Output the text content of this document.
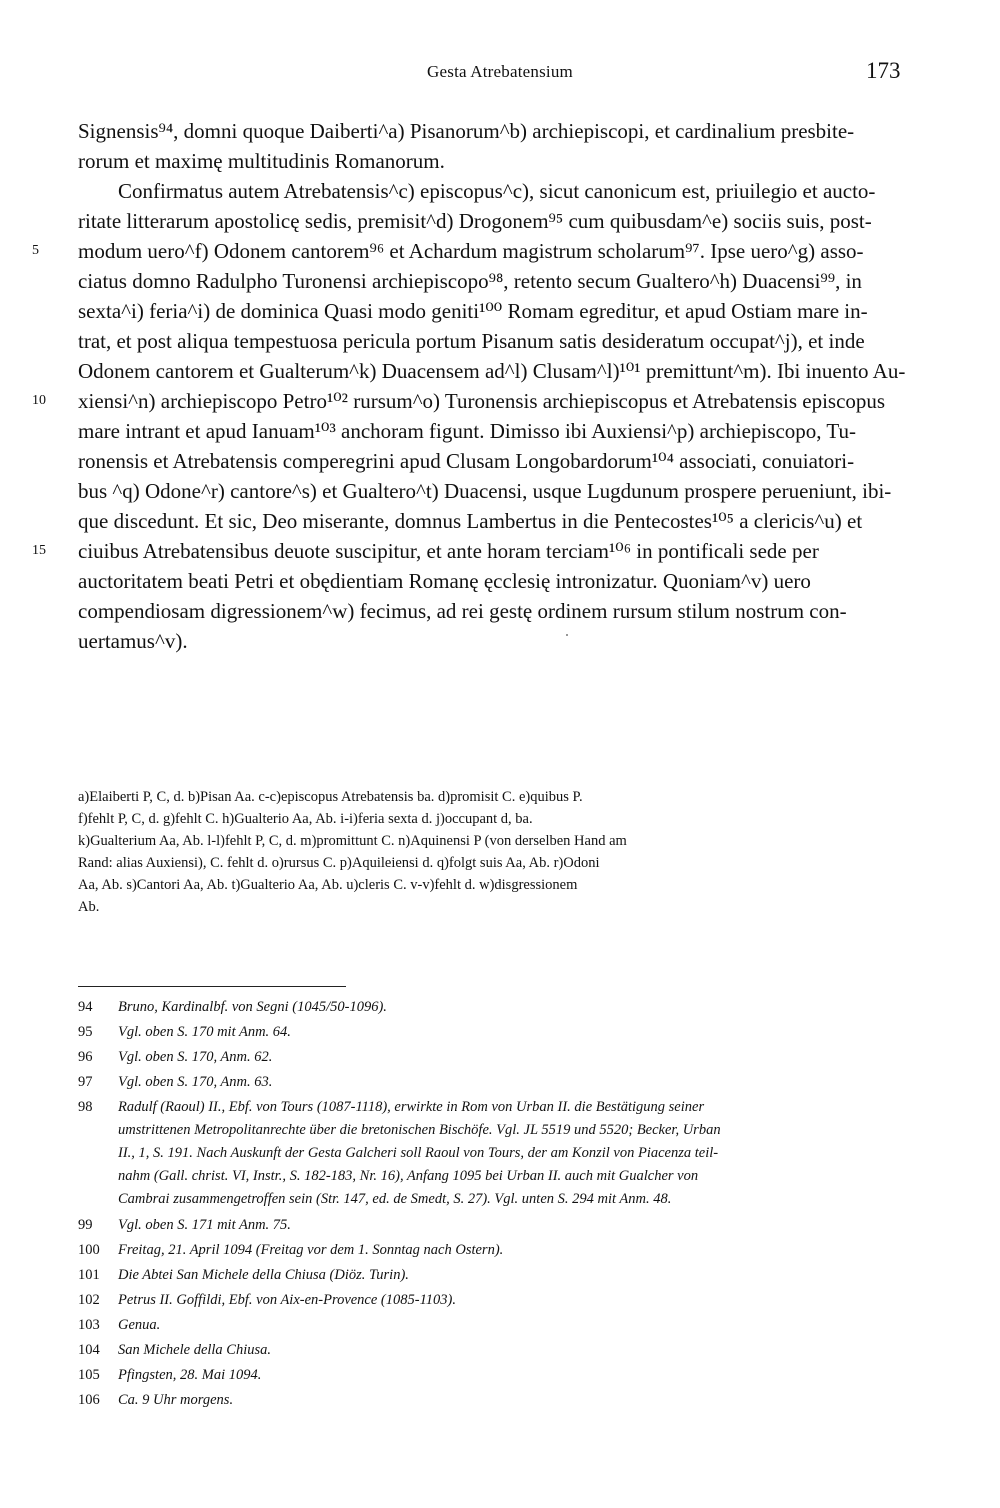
Gesta Atrebatensium	173
Signensis⁹⁴, domni quoque Daiberti^a) Pisanorum^b) archiepiscopi, et cardinalium presbite-
rorum et maximę multitudinis Romanorum.
Confirmatus autem Atrebatensis^c) episcopus^c), sicut canonicum est, priuilegio et aucto-
ritate litterarum apostolicę sedis, premisit^d) Drogonem⁹⁵ cum quibusdam^e) sociis suis, post-
5	modum uero^f) Odonem cantorem⁹⁶ et Achardum magistrum scholarum⁹⁷. Ipse uero^g) asso-
ciatus domno Radulpho Turonensi archiepiscopo⁹⁸, retento secum Gualtero^h) Duacensi⁹⁹, in
sexta^i) feria^i) de dominica Quasi modo geniti¹⁰⁰ Romam egreditur, et apud Ostiam mare in-
trat, et post aliqua tempestuosa pericula portum Pisanum satis desideratum occupat^j), et inde
Odonem cantorem et Gualterum^k) Duacensem ad^l) Clusam^l)¹⁰¹ premittunt^m). Ibi inuento Au-
10	xiensi^n) archiepiscopo Petro¹⁰² rursum^o) Turonensis archiepiscopus et Atrebatensis episcopus
mare intrant et apud Ianuam¹⁰³ anchoram figunt. Dimisso ibi Auxiensi^p) archiepiscopo, Tu-
ronensis et Atrebatensis comperegrini apud Clusam Longobardorum¹⁰⁴ associati, conuiatori-
bus ^q) Odone^r) cantore^s) et Gualtero^t) Duacensi, usque Lugdunum prospere perueniunt, ibi-
que discedunt. Et sic, Deo miserante, domnus Lambertus in die Pentecostes¹⁰⁵ a clericis^u) et
15	ciuibus Atrebatensibus deuote suscipitur, et ante horam terciam¹⁰⁶ in pontificali sede per
auctoritatem beati Petri et obędientiam Romanę ęcclesię intronizatur. Quoniam^v) uero
compendiosam digressionem^w) fecimus, ad rei gestę ordinem rursum stilum nostrum con-
uertamus^v).
a)Elaiberti P, C, d. b)Pisan Aa. c-c)episcopus Atrebatensis ba. d)promisit C. e)quibus P.
f)fehlt P, C, d. g)fehlt C. h)Gualterio Aa, Ab. i-i)feria sexta d. j)occupant d, ba.
k)Gualterium Aa, Ab. l-l)fehlt P, C, d. m)promittunt C. n)Aquinensi P (von derselben Hand am
Rand: alias Auxiensi), C. fehlt d. o)rursus C. p)Aquileiensi d. q)folgt suis Aa, Ab. r)Odoni
Aa, Ab. s)Cantori Aa, Ab. t)Gualterio Aa, Ab. u)cleris C. v-v)fehlt d. w)disgressionem
Ab.
94	Bruno, Kardinalbf. von Segni (1045/50-1096).
95	Vgl. oben S. 170 mit Anm. 64.
96	Vgl. oben S. 170, Anm. 62.
97	Vgl. oben S. 170, Anm. 63.
98	Radulf (Raoul) II., Ebf. von Tours (1087-1118), erwirkte in Rom von Urban II. die Bestätigung seiner
umstrittenen Metropolitanrechte über die bretonischen Bischöfe. Vgl. JL 5519 und 5520; Becker, Urban
II., 1, S. 191. Nach Auskunft der Gesta Galcheri soll Raoul von Tours, der am Konzil von Piacenza teil-
nahm (Gall. christ. VI, Instr., S. 182-183, Nr. 16), Anfang 1095 bei Urban II. auch mit Gualcher von
Cambrai zusammengetroffen sein (Str. 147, ed. de Smedt, S. 27). Vgl. unten S. 294 mit Anm. 48.
99	Vgl. oben S. 171 mit Anm. 75.
100	Freitag, 21. April 1094 (Freitag vor dem 1. Sonntag nach Ostern).
101	Die Abtei San Michele della Chiusa (Diöz. Turin).
102	Petrus II. Goffildi, Ebf. von Aix-en-Provence (1085-1103).
103	Genua.
104	San Michele della Chiusa.
105	Pfingsten, 28. Mai 1094.
106	Ca. 9 Uhr morgens.
